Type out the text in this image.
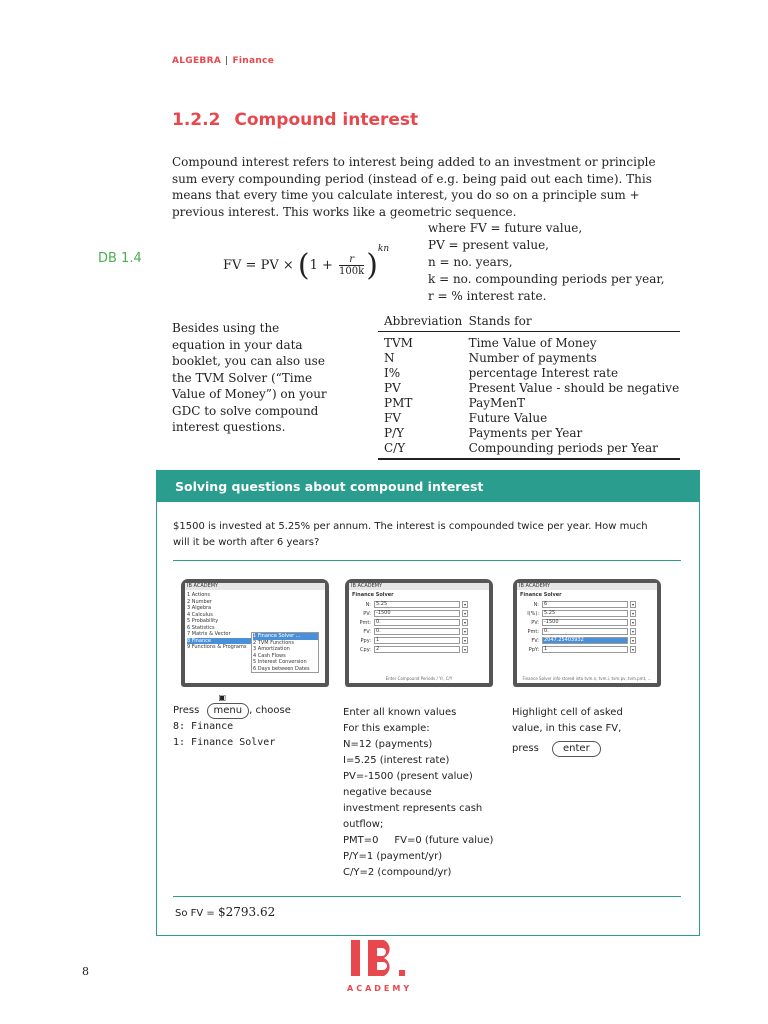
ALGEBRA | Finance
1.2.2 Compound interest
Compound interest refers to interest being added to an investment or principle sum every compounding period (instead of e.g. being paid out each time). This means that every time you calculate interest, you do so on a principle sum + previous interest. This works like a geometric sequence.
DB 1.4	FV = PV × $(1 + \frac{r}{100k} )^{kn}$
where FV = future value,
PV = present value,
n = no. years,
k = no. compounding periods per year,
r = % interest rate.
Besides using the equation in your data booklet, you can also use the TVM Solver (“Time Value of Money”) on your GDC to solve compound interest questions.
Abbreviation	Stands for
TVM	Time Value of Money
N	Number of payments
I%	percentage Interest rate
PV	Present Value - should be negative
PMT	PayMenT
FV	Future Value
P/Y	Payments per Year
C/Y	Compounding periods per Year
Solving questions about compound interest
$1500 is invested at 5.25% per annum. The interest is compounded twice per year. How much will it be worth after 6 years?
IB ACADEMY
1 Actions
2 Number
3 Algebra
4 Calculus
5 Probability
6 Statistics
7 Matrix & Vector
8 Finance
9 Functions & Programs
1 Finance Solver ...
2 TVM Functions
3 Amortization
4 Cash Flows
5 Interest Conversion
6 Days between Dates
IB ACADEMY
Finance Solver
N:	5.25	▾
PV:	-1500	▾
Pmt:	0.	▾
FV:	0.	▾
Ppy:	1	▾
Cpy:	2	▾
Enter Compound Periods / Yr, C/Y
IB ACADEMY
Finance Solver
N:	6	▾
I(%):	5.25	▾
PV:	-1500	▾
Pmt:	0.	▾
FV:	2047.25403932	▾
PpY:	1	▾
Finance Solver info stored into tvm.n, tvm.i, tvm.pv, tvm.pmt, ...
Press
▣
menu , choose
8: Finance
1: Finance Solver
Enter all known values
For this example:
N=12 (payments)
I=5.25 (interest rate)
PV=-1500 (present value)
negative because
investment represents cash
outflow;
PMT=0     FV=0 (future value)
P/Y=1 (payment/yr)
C/Y=2 (compound/yr)
Highlight cell of asked
value, in this case FV,
press enter
So FV = $2793.62
8
ACADEMY
